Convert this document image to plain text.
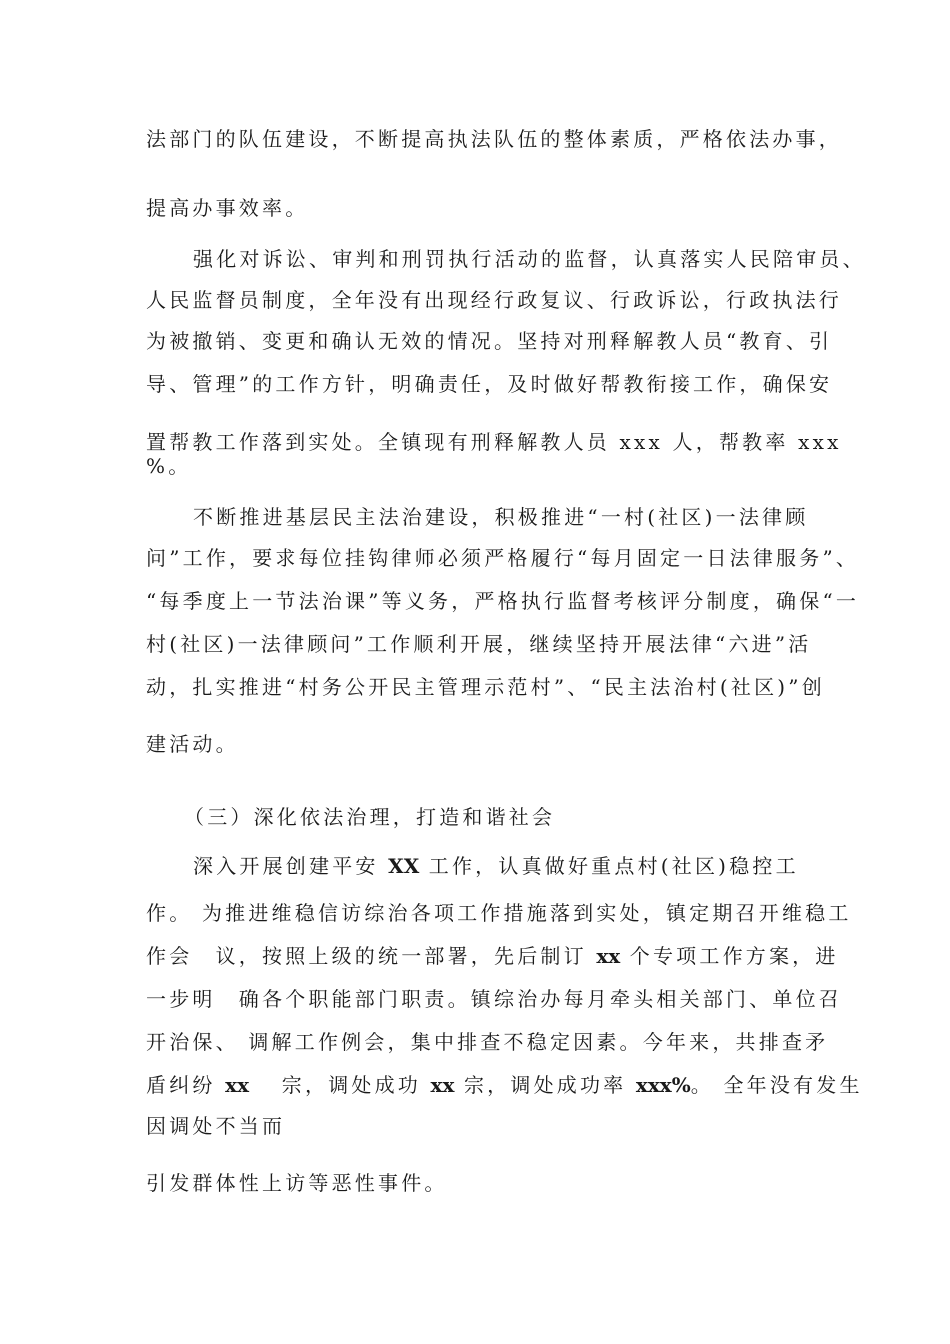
法部门的队伍建设，不断提高执法队伍的整体素质，严格依法办事，
提高办事效率。
强化对诉讼、审判和刑罚执行活动的监督，认真落实人民陪审员、
人民监督员制度，全年没有出现经行政复议、行政诉讼，行政执法行
为被撤销、变更和确认无效的情况。坚持对刑释解教人员“教育、引
导、管理”的工作方针，明确责任，及时做好帮教衔接工作，确保安
置帮教工作落到实处。全镇现有刑释解教人员 xxx 人，帮教率 xxx
%。
不断推进基层民主法治建设，积极推进“一村(社区)一法律顾
问”工作，要求每位挂钩律师必须严格履行“每月固定一日法律服务”、
“每季度上一节法治课”等义务，严格执行监督考核评分制度，确保“一
村(社区)一法律顾问”工作顺利开展，继续坚持开展法律“六进”活
动，扎实推进“村务公开民主管理示范村”、“民主法治村(社区)”创
建活动。
（三）深化依法治理，打造和谐社会
深入开展创建平安 XX 工作，认真做好重点村(社区)稳控工
作。 为推进维稳信访综治各项工作措施落到实处，镇定期召开维稳工
作会　议，按照上级的统一部署，先后制订 xx 个专项工作方案，进
一步明　确各个职能部门职责。镇综治办每月牵头相关部门、单位召
开治保、 调解工作例会，集中排查不稳定因素。今年来，共排查矛
盾纠纷 xx　 宗，调处成功 xx 宗，调处成功率 xxx%。 全年没有发生
因调处不当而
引发群体性上访等恶性事件。
